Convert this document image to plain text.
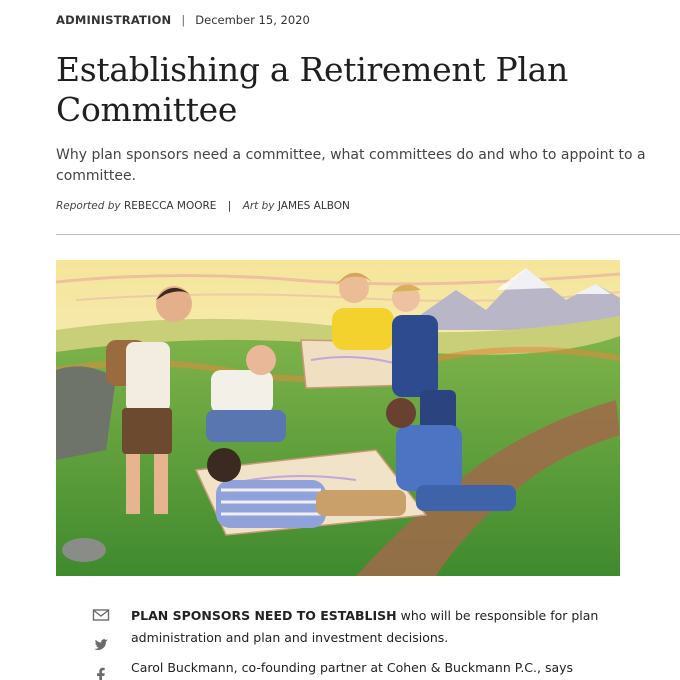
ADMINISTRATION | December 15, 2020
Establishing a Retirement Plan Committee

Why plan sponsors need a committee, what committees do and who to appoint to a committee.

Reported by REBECCA MOORE | Art by JAMES ALBON

PLAN SPONSORS NEED TO ESTABLISH who will be responsible for plan administration and plan and investment decisions.

Carol Buckmann, co-founding partner at Cohen & Buckmann P.C., says
